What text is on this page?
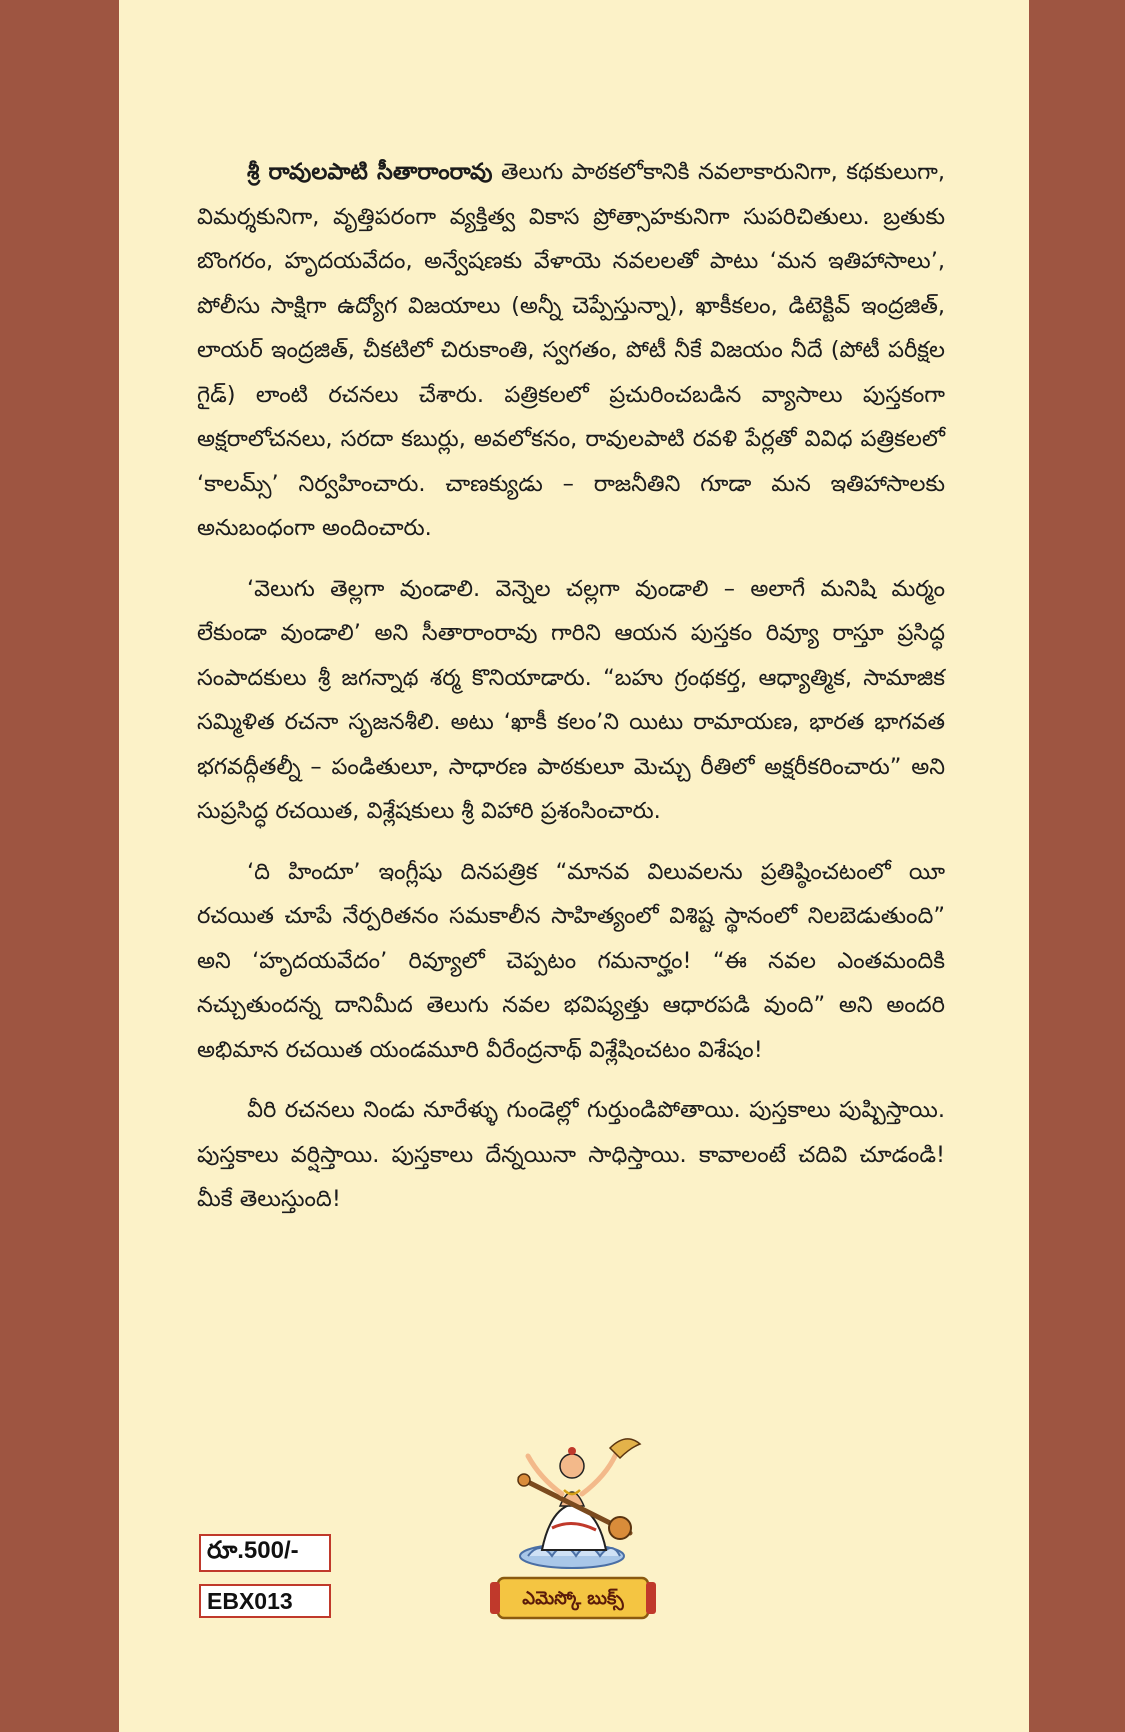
శ్రీ రావులపాటి సీతారాంరావు తెలుగు పాఠకలోకానికి నవలాకారునిగా, కథకులుగా, విమర్శకునిగా, వృత్తిపరంగా వ్యక్తిత్వ వికాస ప్రోత్సాహకునిగా సుపరిచితులు. బ్రతుకు బొంగరం, హృదయవేదం, అన్వేషణకు వేళాయె నవలలతో పాటు ‘మన ఇతిహాసాలు’, పోలీసు సాక్షిగా ఉద్యోగ విజయాలు (అన్నీ చెప్పేస్తున్నా), ఖాకీకలం, డిటెక్టివ్ ఇంద్రజిత్, లాయర్ ఇంద్రజిత్, చీకటిలో చిరుకాంతి, స్వగతం, పోటీ నీకే విజయం నీదే (పోటీ పరీక్షల గైడ్) లాంటి రచనలు చేశారు. పత్రికలలో ప్రచురించబడిన వ్యాసాలు పుస్తకంగా అక్షరాలోచనలు, సరదా కబుర్లు, అవలోకనం, రావులపాటి రవళి పేర్లతో వివిధ పత్రికలలో ‘కాలమ్స్’ నిర్వహించారు. చాణక్యుడు – రాజనీతిని గూడా మన ఇతిహాసాలకు అనుబంధంగా అందించారు.

‘వెలుగు తెల్లగా వుండాలి. వెన్నెల చల్లగా వుండాలి – అలాగే మనిషి మర్మం లేకుండా వుండాలి’ అని సీతారాంరావు గారిని ఆయన పుస్తకం రివ్యూ రాస్తూ ప్రసిద్ధ సంపాదకులు శ్రీ జగన్నాథ శర్మ కొనియాడారు. “బహు గ్రంథకర్త, ఆధ్యాత్మిక, సామాజిక సమ్మిళిత రచనా సృజనశీలి. అటు ‘ఖాకీ కలం’ని యిటు రామాయణ, భారత భాగవత భగవద్గీతల్నీ – పండితులూ, సాధారణ పాఠకులూ మెచ్చు రీతిలో అక్షరీకరించారు” అని సుప్రసిద్ధ రచయిత, విశ్లేషకులు శ్రీ విహారి ప్రశంసించారు.

‘ది హిందూ’ ఇంగ్లీషు దినపత్రిక “మానవ విలువలను ప్రతిష్ఠించటంలో యీ రచయిత చూపే నేర్పరితనం సమకాలీన సాహిత్యంలో విశిష్ట స్థానంలో నిలబెడుతుంది” అని ‘హృదయవేదం’ రివ్యూలో చెప్పటం గమనార్హం! “ఈ నవల ఎంతమందికి నచ్చుతుందన్న దానిమీద తెలుగు నవల భవిష్యత్తు ఆధారపడి వుంది” అని అందరి అభిమాన రచయిత యండమూరి వీరేంద్రనాథ్ విశ్లేషించటం విశేషం!

వీరి రచనలు నిండు నూరేళ్ళు గుండెల్లో గుర్తుండిపోతాయి. పుస్తకాలు పుష్పిస్తాయి. పుస్తకాలు వర్షిస్తాయి. పుస్తకాలు దేన్నయినా సాధిస్తాయి. కావాలంటే చదివి చూడండి! మీకే తెలుస్తుంది!

రూ.500/-
EBX013	ఎమెస్కో బుక్స్
